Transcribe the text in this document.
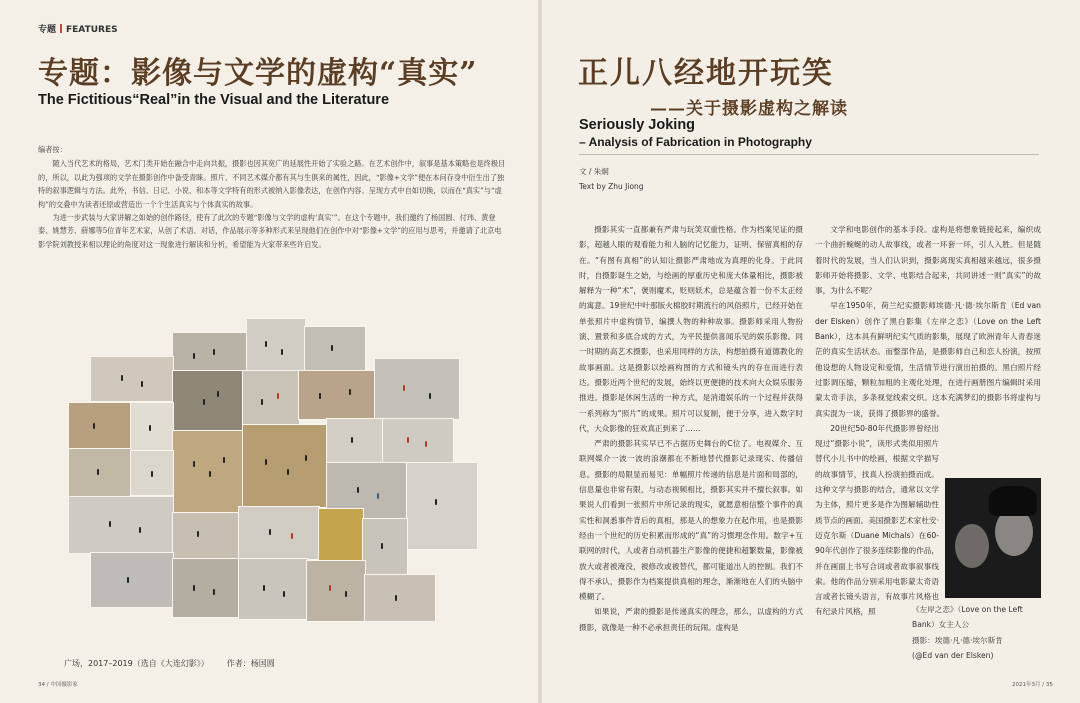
专题 FEATURES
专题：影像与文学的虚构“真实”
The Fictitious“Real”in the Visual and the Literature

编者按：

随入当代艺术的格局，艺术门类开始在融合中走向共振，摄影也因其宽广的延展性开始了实验之路。在艺术创作中，叙事是基本策略也是终极目的，所以，以此为强项的文学在摄影创作中备受青睐。照片、不同艺术媒介都有其与生俱来的属性，因此，“影像+文学”便在本问存身中衍生出了独特的叙事逻辑与方法。此外，书信、日记、小说、和本等文学特有的形式被纳入影像表达，在创作内容、呈现方式中自如切换，以而在“真实”与“虚构”的交叠中为读者还原或营造出一个个生活真实与个体真实的故事。

为进一步武装与大家讲解之如始的创作路径，使有了此次的专题“影像与文学的虚构‘真实’”。在这个专题中，我们邀约了杨国圆、付玮、黄登泰、姚慧芳、薛娜等5位青年艺术家，从创了术语、对话，作品展示等多种形式来呈现他们在创作中对“影像+文学”的应用与思考，并邀请了北京电影学院刘教授来相以理论的角度对这一现象进行解读和分析，希望能为大家带来些许启发。

广场，2017–2019（选自《大连幻影》） 作者：杨国圆
34 / 中国摄影家
正儿八经地开玩笑
——关于摄影虚构之解读
Seriously Joking
– Analysis of Fabrication in Photography
文 / 朱炯
Text by Zhu Jiong

摄影其实一直都兼有严肃与玩笑双重性格。作为档案见证的摄影，超越人眼的观看能力和人脑的记忆能力，证明、保留真相的存在。“有图有真相”的认知让摄影严肃地成为真理的化身。于此同时，自摄影诞生之始，与绘画的厚重历史和庞大体量相比，摄影被解释为一种“术”，褒则魔术，贬则妖术，总是蕴含着一份不太正经的寓意。19世纪中叶那版火棉胶时期流行的风俗照片，已经开始在单张照片中虚构情节，编撰人物的种种故事。摄影师采用人物扮演、置景和多底合成的方式，为平民提供喜闻乐见的娱乐影像。同一时期的高艺术摄影，也采用同样的方法，构想拍摄有道德教化的故事画面。这是摄影以绘画构图的方式和镜头内的存在而进行表达。摄影近两个世纪的发展，始终以更便捷的技术向大众娱乐服务推进。摄影是休闲生活的一种方式，是消遣娱乐的一个过程并获得一系列称为“照片”的成果。照片可以复制，便于分享，进入数字时代，大众影像的狂欢真正到来了……

严肃的摄影其实早已不占据历史舞台的C位了。电视媒介、互联网媒介一波一波的浪潮都在不断地替代摄影记录现实、传播信息。摄影的局限显而易见：单幅照片传递的信息是片面和局部的，信息量也非常有限，与动态视频相比，摄影其实并不擅长叙事。如果说人们看到一张照片中所记录的现实，就愿意相信整个事件的真实性和洞悉事件背后的真相，那是人的想象力在起作用，也是摄影经由一个世纪的历史积累而形成的“真”的习惯理念作用。数字+互联网的时代，人或者自动机器生产影像的便捷和超繁数量，影像被放大或者被淹没，被修改或被替代，都可能道出人的控制。我们不得不承认，摄影作为档案提供真相的理念，渐渐地在人们的头脑中模糊了。

如果说，严肃的摄影是传递真实的理念，那么，以虚构的方式摄影，就像是一种不必承担责任的玩闹。虚构是

文学和电影创作的基本手段。虚构是将想象链接起来，编织成一个曲折蜿蜒的动人故事线，或者一环套一环，引人入胜。但是随着时代的发展，当人们认识到，摄影离现实真相越来越远，很多摄影师开始将摄影、文学、电影结合起来，共同讲述一则“真实”的故事，为什么不呢？

早在1950年，荷兰纪实摄影师埃德·凡·德·埃尔斯肯（Ed van der Elsken）创作了黑白影集《左岸之恋》（Love on the Left Bank），这本具有鲜明纪实气质的影集，展现了欧洲青年人青春迷茫的真实生活状态。而整部作品，是摄影师自己和恋人扮演，按照他设想的人物设定和爱情，生活情节进行演出拍摄的。黑白照片经过影调压缩，颗粒加粗的主观化处理，在进行画册图片编辑时采用蒙太奇手法，多条视觉线索交织。这本充满梦幻的摄影书将虚构与真实混为一谈，获得了摄影界的盛誉。

20世纪50-80年代摄影界曾经出现过“摄影小说”，读形式类似用照片替代小儿书中的绘画，根据文学描写的故事情节，找真人扮演拍摄而成。这种文学与摄影的结合，通常以文学为主体，照片更多是作为图解辅助性质节点的画面。美国摄影艺术家杜安·迈克尔斯（Duane Michals）在60-90年代创作了很多连续影像的作品，并在画面上书写合词或者故事叙事线索。他的作品分别采用电影蒙太奇语言或者长镜头语言，有故事片风格也有纪录片风格，照	《左岸之恋》（Love on the Left Bank）女主人公

摄影：埃德·凡·德·埃尔斯肯

(@Ed van der Elsken)

2021年3月 / 35
